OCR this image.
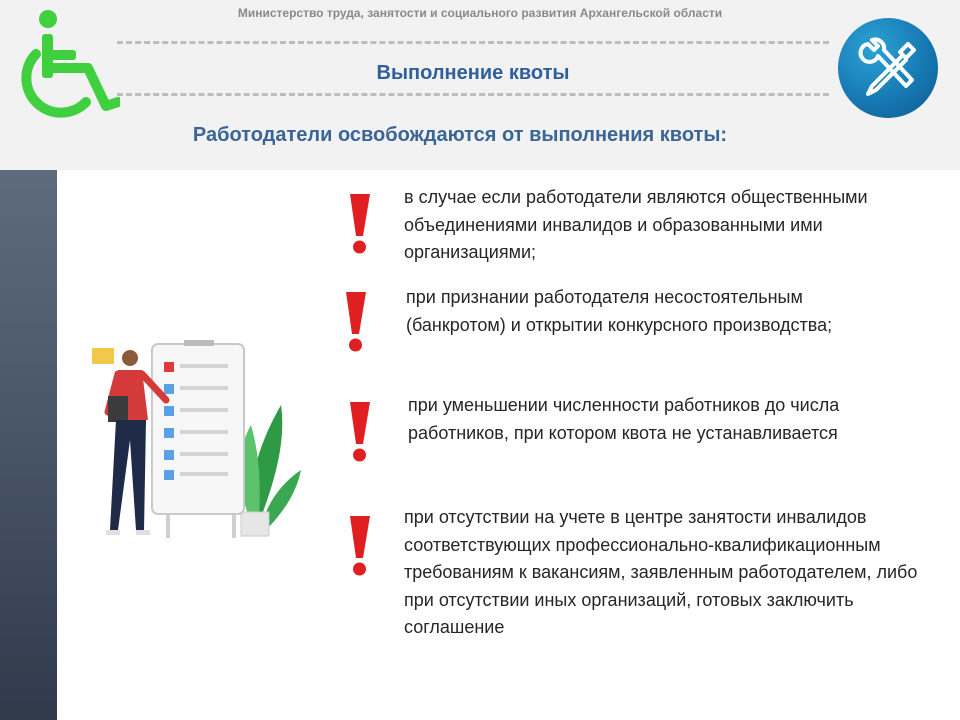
Министерство труда, занятости и социального развития Архангельской области
Выполнение квоты
Работодатели освобождаются от выполнения квоты:
в случае если работодатели являются общественными объединениями инвалидов и образованными ими организациями;
при признании работодателя несостоятельным (банкротом) и открытии конкурсного производства;
при уменьшении численности работников до числа работников, при котором квота не устанавливается
при отсутствии на учете в центре занятости инвалидов соответствующих профессионально-квалификационным требованиям к вакансиям, заявленным работодателем, либо при отсутствии иных организаций, готовых заключить соглашение
